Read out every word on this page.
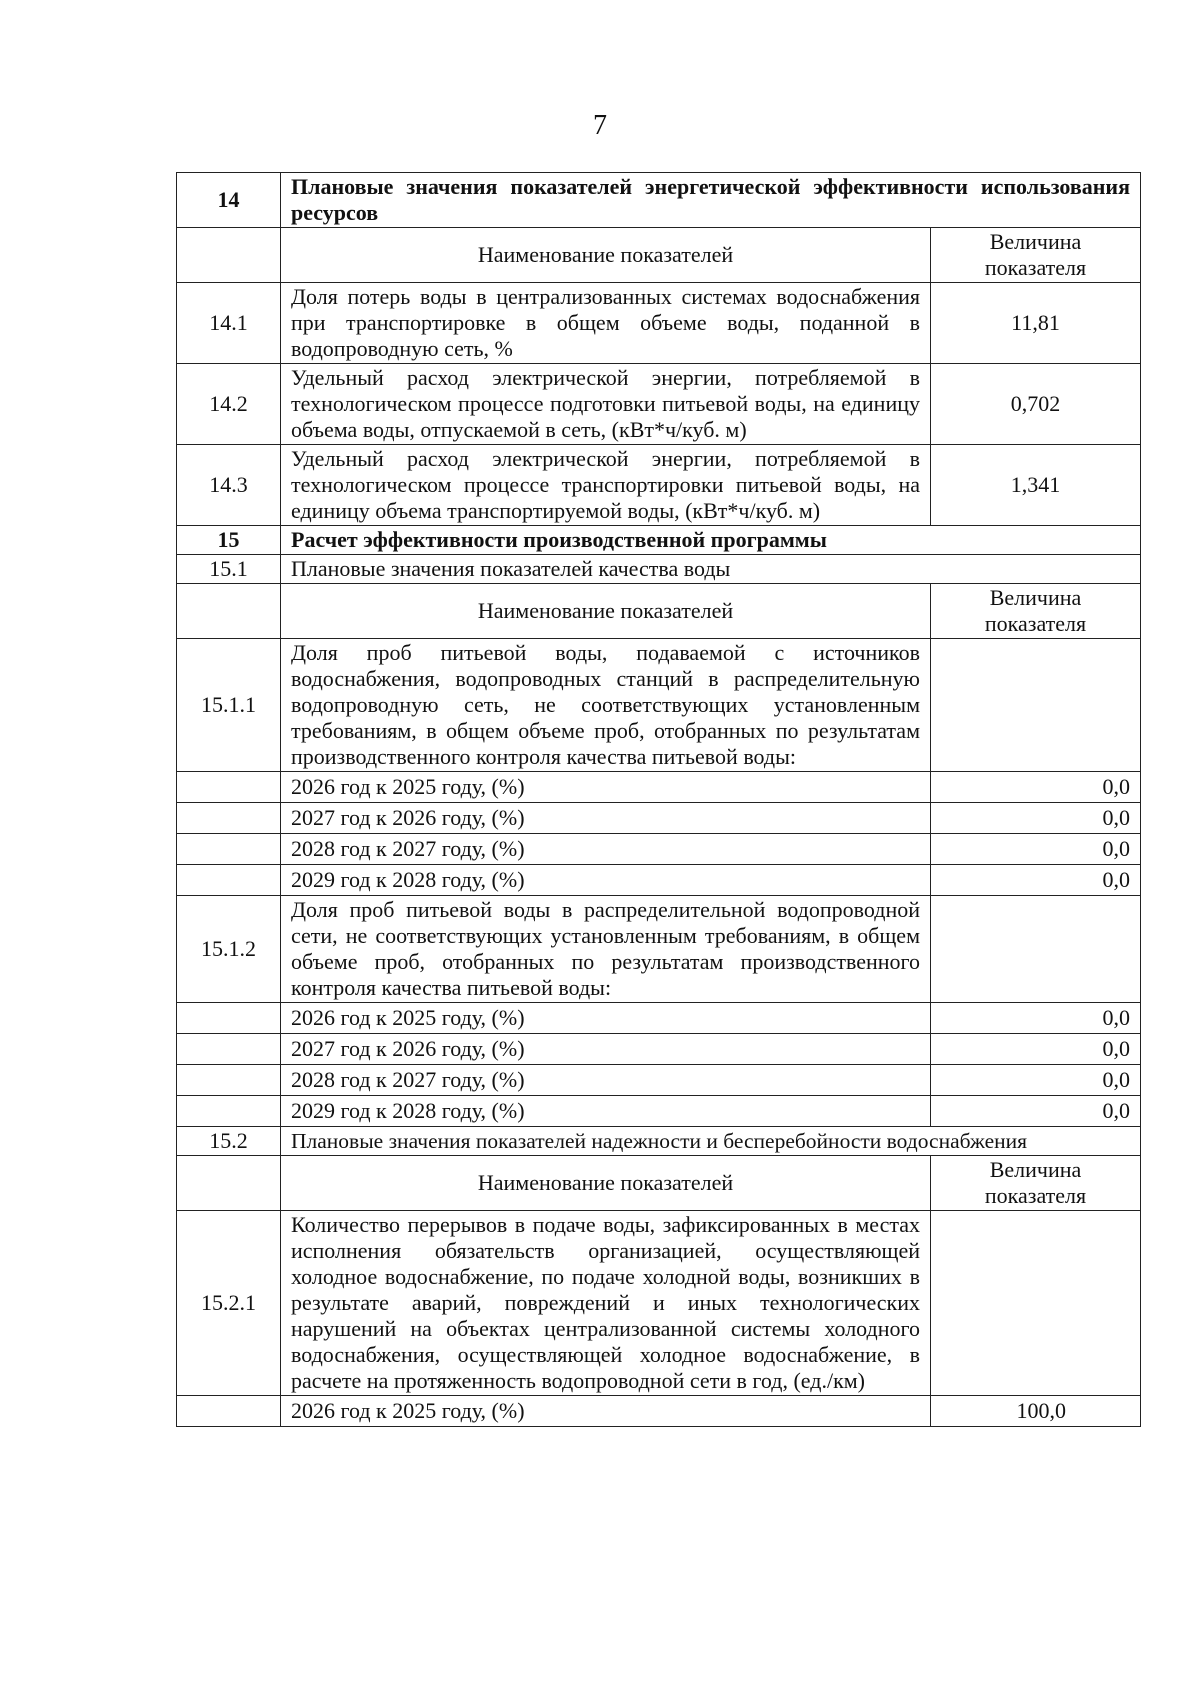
7
14	Плановые значения показателей энергетической эффективности использования ресурсов	
	Наименование показателей	Величина показателя
14.1	Доля потерь воды в централизованных системах водоснабжения при транспортировке в общем объеме воды, поданной в водопроводную сеть, %	11,81
14.2	Удельный расход электрической энергии, потребляемой в технологическом процессе подготовки питьевой воды, на единицу объема воды, отпускаемой в сеть, (кВт*ч/куб. м)	0,702
14.3	Удельный расход электрической энергии, потребляемой в технологическом процессе транспортировки питьевой воды, на единицу объема транспортируемой воды, (кВт*ч/куб. м)	1,341
15	Расчет эффективности производственной программы	
15.1	Плановые значения показателей качества воды	
	Наименование показателей	Величина показателя
15.1.1	Доля проб питьевой воды, подаваемой с источников водоснабжения, водопроводных станций в распределительную водопроводную сеть, не соответствующих установленным требованиям, в общем объеме проб, отобранных по результатам производственного контроля качества питьевой воды:	
	2026 год к 2025 году, (%)	0,0
	2027 год к 2026 году, (%)	0,0
	2028 год к 2027 году, (%)	0,0
	2029 год к 2028 году, (%)	0,0
15.1.2	Доля проб питьевой воды в распределительной водопроводной сети, не соответствующих установленным требованиям, в общем объеме проб, отобранных по результатам производственного контроля качества питьевой воды:	
	2026 год к 2025 году, (%)	0,0
	2027 год к 2026 году, (%)	0,0
	2028 год к 2027 году, (%)	0,0
	2029 год к 2028 году, (%)	0,0
15.2	Плановые значения показателей надежности и бесперебойности водоснабжения	
	Наименование показателей	Величина показателя
15.2.1	Количество перерывов в подаче воды, зафиксированных в местах исполнения обязательств организацией, осуществляющей холодное водоснабжение, по подаче холодной воды, возникших в результате аварий, повреждений и иных технологических нарушений на объектах централизованной системы холодного водоснабжения, осуществляющей холодное водоснабжение, в расчете на протяженность водопроводной сети в год, (ед./км)	
	2026 год к 2025 году, (%)	100,0
